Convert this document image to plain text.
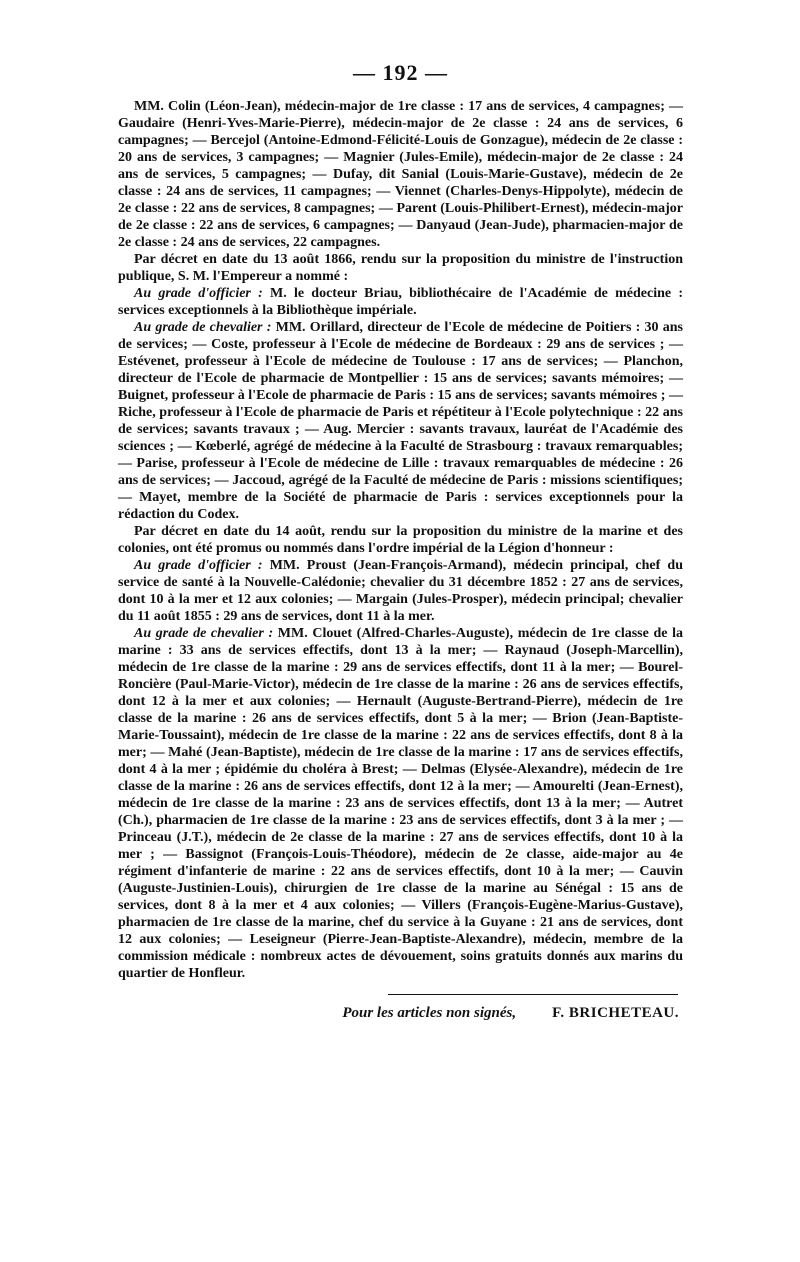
— 192 —

MM. Colin (Léon-Jean), médecin-major de 1re classe : 17 ans de services, 4 campagnes; — Gaudaire (Henri-Yves-Marie-Pierre), médecin-major de 2e classe : 24 ans de services, 6 campagnes; — Bercejol (Antoine-Edmond-Félicité-Louis de Gonzague), médecin de 2e classe : 20 ans de services, 3 campagnes; — Magnier (Jules-Emile), médecin-major de 2e classe : 24 ans de services, 5 campagnes; — Dufay, dit Sanial (Louis-Marie-Gustave), médecin de 2e classe : 24 ans de services, 11 campagnes; — Viennet (Charles-Denys-Hippolyte), médecin de 2e classe : 22 ans de services, 8 campagnes; — Parent (Louis-Philibert-Ernest), médecin-major de 2e classe : 22 ans de services, 6 campagnes; — Danyaud (Jean-Jude), pharmacien-major de 2e classe : 24 ans de services, 22 campagnes.

Par décret en date du 13 août 1866, rendu sur la proposition du ministre de l'instruction publique, S. M. l'Empereur a nommé :

Au grade d'officier : M. le docteur Briau, bibliothécaire de l'Académie de médecine : services exceptionnels à la Bibliothèque impériale.

Au grade de chevalier : MM. Orillard, directeur de l'Ecole de médecine de Poitiers : 30 ans de services; — Coste, professeur à l'Ecole de médecine de Bordeaux : 29 ans de services ; — Estévenet, professeur à l'Ecole de médecine de Toulouse : 17 ans de services; — Planchon, directeur de l'Ecole de pharmacie de Montpellier : 15 ans de services; savants mémoires; — Buignet, professeur à l'Ecole de pharmacie de Paris : 15 ans de services; savants mémoires ; — Riche, professeur à l'Ecole de pharmacie de Paris et répétiteur à l'Ecole polytechnique : 22 ans de services; savants travaux ; — Aug. Mercier : savants travaux, lauréat de l'Académie des sciences ; — Kœberlé, agrégé de médecine à la Faculté de Strasbourg : travaux remarquables; — Parise, professeur à l'Ecole de médecine de Lille : travaux remarquables de médecine : 26 ans de services; — Jaccoud, agrégé de la Faculté de médecine de Paris : missions scientifiques; — Mayet, membre de la Société de pharmacie de Paris : services exceptionnels pour la rédaction du Codex.

Par décret en date du 14 août, rendu sur la proposition du ministre de la marine et des colonies, ont été promus ou nommés dans l'ordre impérial de la Légion d'honneur :

Au grade d'officier : MM. Proust (Jean-François-Armand), médecin principal, chef du service de santé à la Nouvelle-Calédonie; chevalier du 31 décembre 1852 : 27 ans de services, dont 10 à la mer et 12 aux colonies; — Margain (Jules-Prosper), médecin principal; chevalier du 11 août 1855 : 29 ans de services, dont 11 à la mer.

Au grade de chevalier : MM. Clouet (Alfred-Charles-Auguste), médecin de 1re classe de la marine : 33 ans de services effectifs, dont 13 à la mer; — Raynaud (Joseph-Marcellin), médecin de 1re classe de la marine : 29 ans de services effectifs, dont 11 à la mer; — Bourel-Roncière (Paul-Marie-Victor), médecin de 1re classe de la marine : 26 ans de services effectifs, dont 12 à la mer et aux colonies; — Hernault (Auguste-Bertrand-Pierre), médecin de 1re classe de la marine : 26 ans de services effectifs, dont 5 à la mer; — Brion (Jean-Baptiste-Marie-Toussaint), médecin de 1re classe de la marine : 22 ans de services effectifs, dont 8 à la mer; — Mahé (Jean-Baptiste), médecin de 1re classe de la marine : 17 ans de services effectifs, dont 4 à la mer ; épidémie du choléra à Brest; — Delmas (Elysée-Alexandre), médecin de 1re classe de la marine : 26 ans de services effectifs, dont 12 à la mer; — Amourelti (Jean-Ernest), médecin de 1re classe de la marine : 23 ans de services effectifs, dont 13 à la mer; — Autret (Ch.), pharmacien de 1re classe de la marine : 23 ans de services effectifs, dont 3 à la mer ; — Princeau (J.T.), médecin de 2e classe de la marine : 27 ans de services effectifs, dont 10 à la mer ; — Bassignot (François-Louis-Théodore), médecin de 2e classe, aide-major au 4e régiment d'infanterie de marine : 22 ans de services effectifs, dont 10 à la mer; — Cauvin (Auguste-Justinien-Louis), chirurgien de 1re classe de la marine au Sénégal : 15 ans de services, dont 8 à la mer et 4 aux colonies; — Villers (François-Eugène-Marius-Gustave), pharmacien de 1re classe de la marine, chef du service à la Guyane : 21 ans de services, dont 12 aux colonies; — Leseigneur (Pierre-Jean-Baptiste-Alexandre), médecin, membre de la commission médicale : nombreux actes de dévouement, soins gratuits donnés aux marins du quartier de Honfleur.

Pour les articles non signés, F. BRICHETEAU.
